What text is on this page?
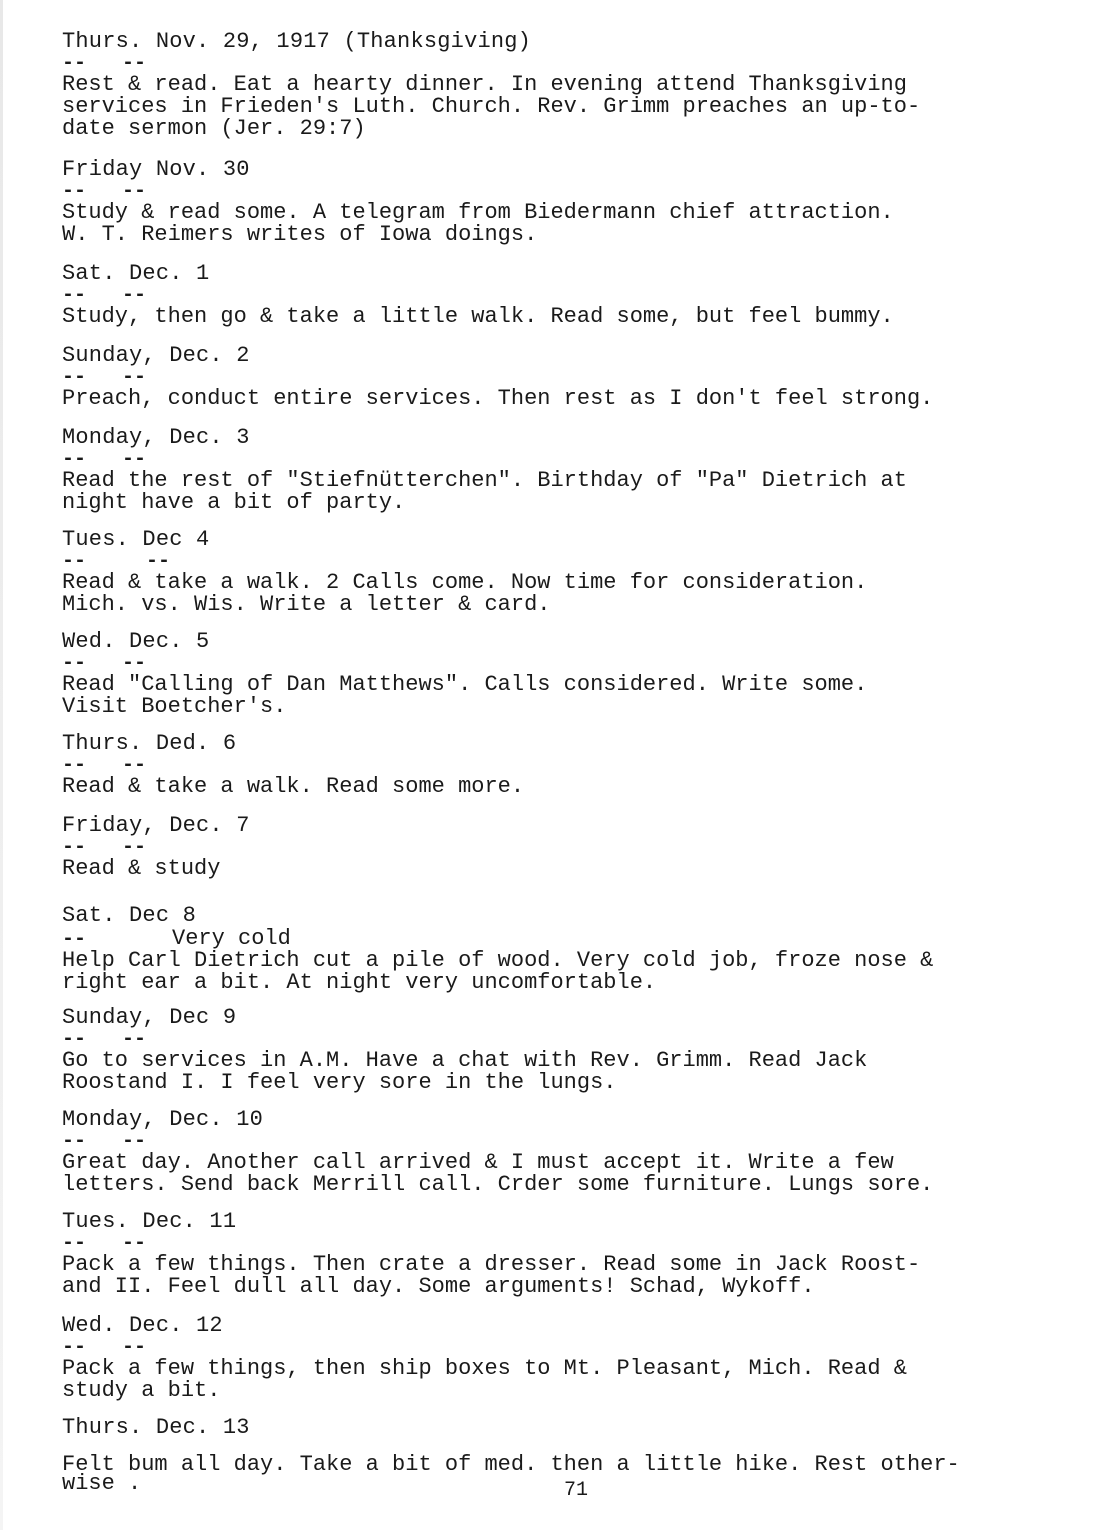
Thurs. Nov. 29, 1917 (Thanksgiving)
--   --
Rest & read. Eat a hearty dinner. In evening attend Thanksgiving
services in Frieden's Luth. Church. Rev. Grimm preaches an up-to-
date sermon (Jer. 29:7)
Friday Nov. 30
--   --
Study & read some. A telegram from Biedermann chief attraction.
W. T. Reimers writes of Iowa doings.
Sat. Dec. 1
--   --
Study, then go & take a little walk. Read some, but feel bummy.
Sunday, Dec. 2
--   --
Preach, conduct entire services. Then rest as I don't feel strong.
Monday, Dec. 3
--   --
Read the rest of "Stiefnütterchen". Birthday of "Pa" Dietrich at
night have a bit of party.
Tues. Dec 4
--     --
Read & take a walk. 2 Calls come. Now time for consideration.
Mich. vs. Wis. Write a letter & card.
Wed. Dec. 5
--   --
Read "Calling of Dan Matthews". Calls considered. Write some.
Visit Boetcher's.
Thurs. Ded. 6
--   --
Read & take a walk. Read some more.
Friday, Dec. 7
--   --
Read & study
Sat. Dec 8
--	Very cold
Help Carl Dietrich cut a pile of wood. Very cold job, froze nose &
right ear a bit. At night very uncomfortable.
Sunday, Dec 9
--   --
Go to services in A.M. Have a chat with Rev. Grimm. Read Jack
Roostand I. I feel very sore in the lungs.
Monday, Dec. 10
--   --
Great day. Another call arrived & I must accept it. Write a few
letters. Send back Merrill call. Crder some furniture. Lungs sore.
Tues. Dec. 11
--   --
Pack a few things. Then crate a dresser. Read some in Jack Roost-
and II. Feel dull all day. Some arguments! Schad, Wykoff.
Wed. Dec. 12
--   --
Pack a few things, then ship boxes to Mt. Pleasant, Mich. Read &
study a bit.
Thurs. Dec. 13
Felt bum all day. Take a bit of med. then a little hike. Rest other-
wise .	71
